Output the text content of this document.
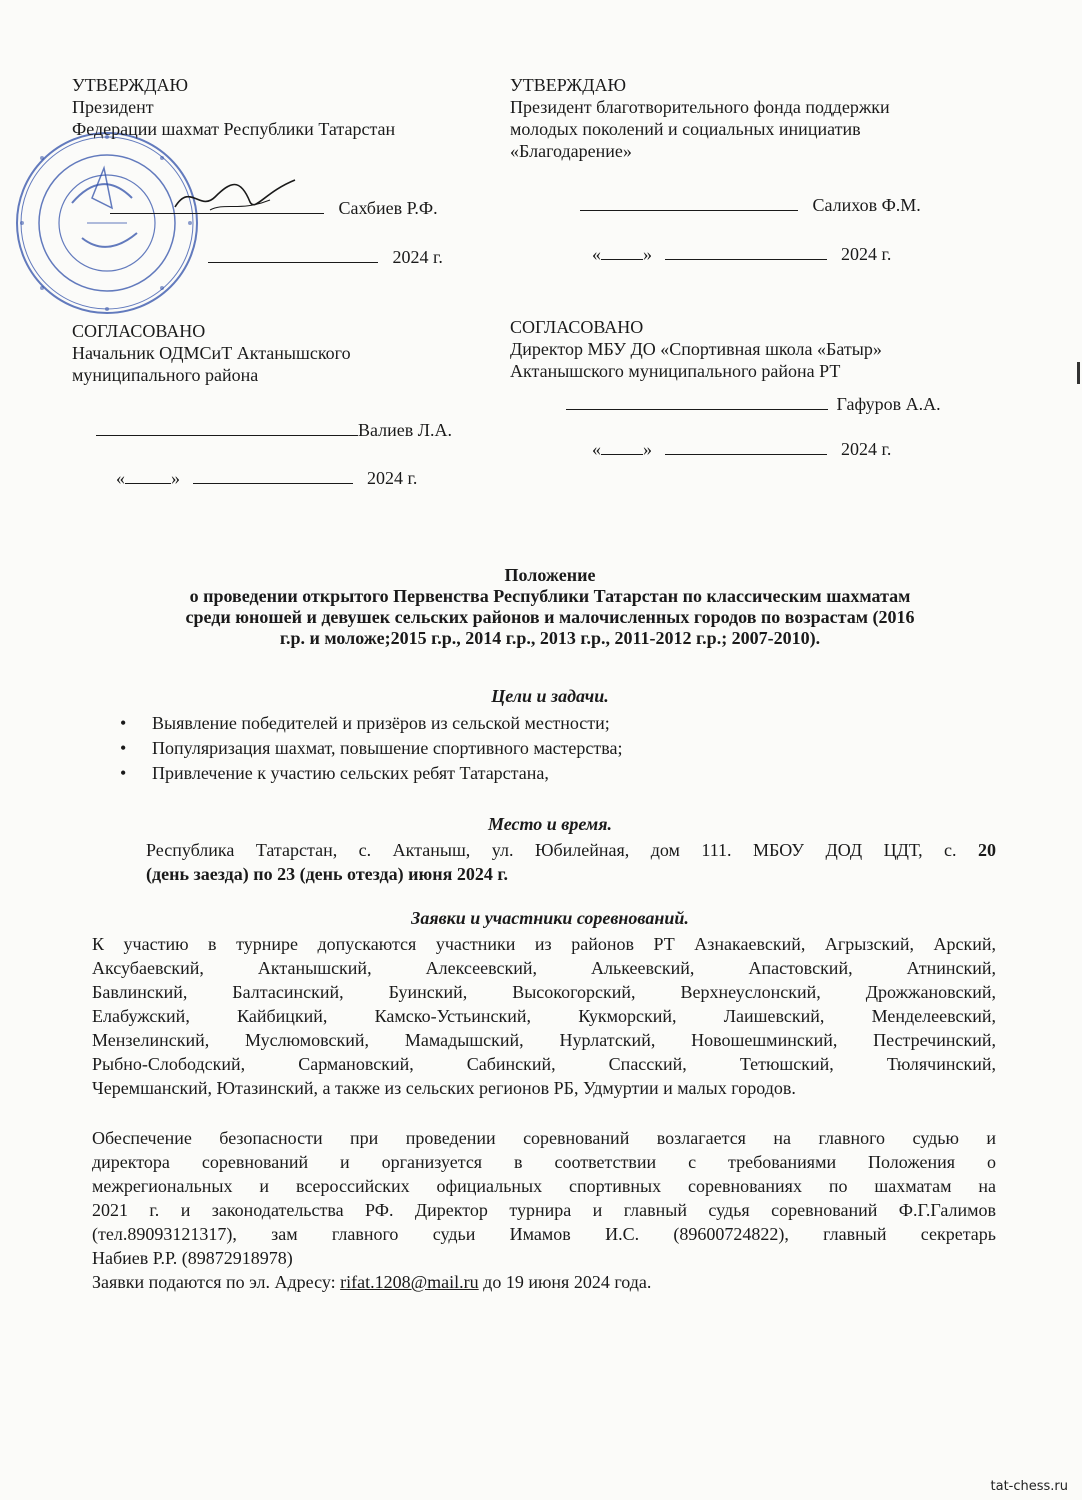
УТВЕРЖДАЮ
Президент
Федерации шахмат Республики Татарстан
Сахбиев Р.Ф.
2024 г.
УТВЕРЖДАЮ
Президент благотворительного фонда поддержки
молодых поколений и социальных инициатив
«Благодарение»
Салихов Ф.М.
« »	2024 г.
СОГЛАСОВАНО
Начальник ОДМСиТ Актанышского
муниципального района
Валиев Л.А.
«	»	2024 г.
СОГЛАСОВАНО
Директор МБУ ДО «Спортивная школа «Батыр»
Актанышского муниципального района РТ
Гафуров А.А.
« »	2024 г.
Положение
о проведении открытого Первенства Республики Татарстан по классическим шахматам
среди юношей и девушек сельских районов и малочисленных городов по возрастам (2016
г.р. и моложе;2015 г.р., 2014 г.р., 2013 г.р., 2011-2012 г.р.; 2007-2010).
Цели и задачи.
• Выявление победителей и призёров из сельской местности;
• Популяризация шахмат, повышение спортивного мастерства;
• Привлечение к участию сельских ребят Татарстана,
Место и время.
Республика Татарстан, с. Актаныш, ул. Юбилейная, дом 111. МБОУ ДОД ЦДТ, с. 20
(день заезда) по 23 (день отезда) июня 2024 г.
Заявки и участники соревнований.
К участию в турнире допускаются участники из районов РТ Азнакаевский, Агрызский, Арский,
Аксубаевский, Актанышский, Алексеевский, Алькеевский, Апастовский, Атнинский,
Бавлинский, Балтасинский, Буинский, Высокогорский, Верхнеуслонский, Дрожжановский,
Елабужский, Кайбицкий, Камско-Устьинский, Кукморский, Лаишевский, Менделеевский,
Мензелинский, Муслюмовский, Мамадышский, Нурлатский, Новошешминский, Пестречинский,
Рыбно-Слободский, Сармановский, Сабинский, Спасский, Тетюшский, Тюлячинский,
Черемшанский, Ютазинский, а также из сельских регионов РБ, Удмуртии и малых городов.
Обеспечение безопасности при проведении соревнований возлагается на главного судью и
директора соревнований и организуется в соответствии с требованиями Положения о
межрегиональных и всероссийских официальных спортивных соревнованиях по шахматам на
2021 г. и законодательства РФ. Директор турнира и главный судья соревнований Ф.Г.Галимов
(тел.89093121317), зам главного судьи Имамов И.С. (89600724822), главный секретарь
Набиев Р.Р. (89872918978)
Заявки подаются по эл. Адресу: rifat.1208@mail.ru до 19 июня 2024 года.
tat-chess.ru
